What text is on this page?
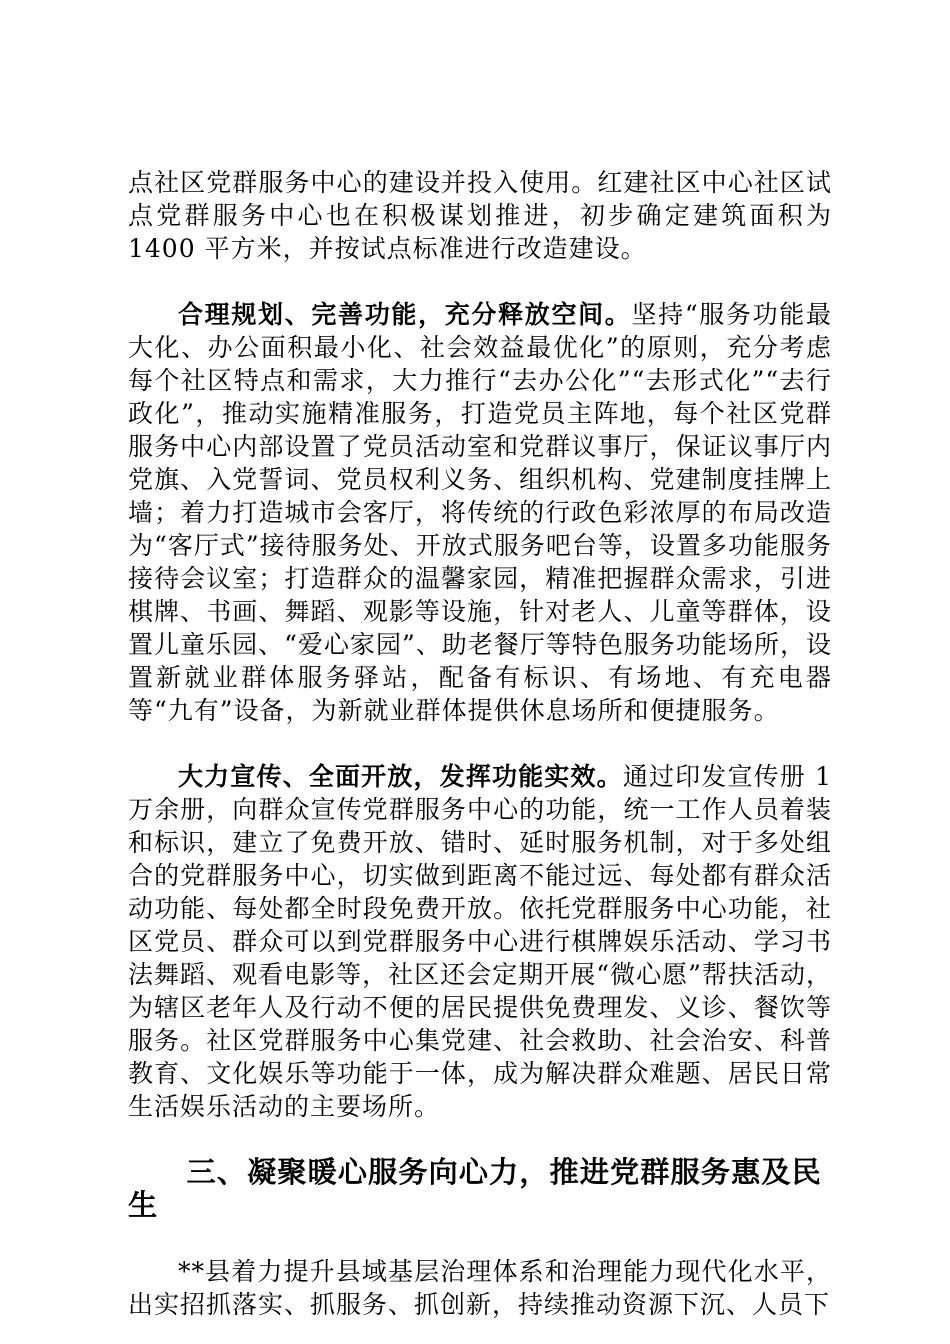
点社区党群服务中心的建设并投入使用。红建社区中心社区试点党群服务中心也在积极谋划推进，初步确定建筑面积为 1400 平方米，并按试点标准进行改造建设。

合理规划、完善功能，充分释放空间。坚持“服务功能最大化、办公面积最小化、社会效益最优化”的原则，充分考虑每个社区特点和需求，大力推行“去办公化”“去形式化”“去行政化”，推动实施精准服务，打造党员主阵地，每个社区党群服务中心内部设置了党员活动室和党群议事厅，保证议事厅内党旗、入党誓词、党员权利义务、组织机构、党建制度挂牌上墙；着力打造城市会客厅，将传统的行政色彩浓厚的布局改造为“客厅式”接待服务处、开放式服务吧台等，设置多功能服务接待会议室；打造群众的温馨家园，精准把握群众需求，引进棋牌、书画、舞蹈、观影等设施，针对老人、儿童等群体，设置儿童乐园、“爱心家园”、助老餐厅等特色服务功能场所，设置新就业群体服务驿站，配备有标识、有场地、有充电器等“九有”设备，为新就业群体提供休息场所和便捷服务。

大力宣传、全面开放，发挥功能实效。通过印发宣传册 1 万余册，向群众宣传党群服务中心的功能，统一工作人员着装和标识，建立了免费开放、错时、延时服务机制，对于多处组合的党群服务中心，切实做到距离不能过远、每处都有群众活动功能、每处都全时段免费开放。依托党群服务中心功能，社区党员、群众可以到党群服务中心进行棋牌娱乐活动、学习书法舞蹈、观看电影等，社区还会定期开展“微心愿”帮扶活动，为辖区老年人及行动不便的居民提供免费理发、义诊、餐饮等服务。社区党群服务中心集党建、社会救助、社会治安、科普教育、文化娱乐等功能于一体，成为解决群众难题、居民日常生活娱乐活动的主要场所。

三、凝聚暖心服务向心力，推进党群服务惠及民生

**县着力提升县域基层治理体系和治理能力现代化水平，出实招抓落实、抓服务、抓创新，持续推动资源下沉、人员下
